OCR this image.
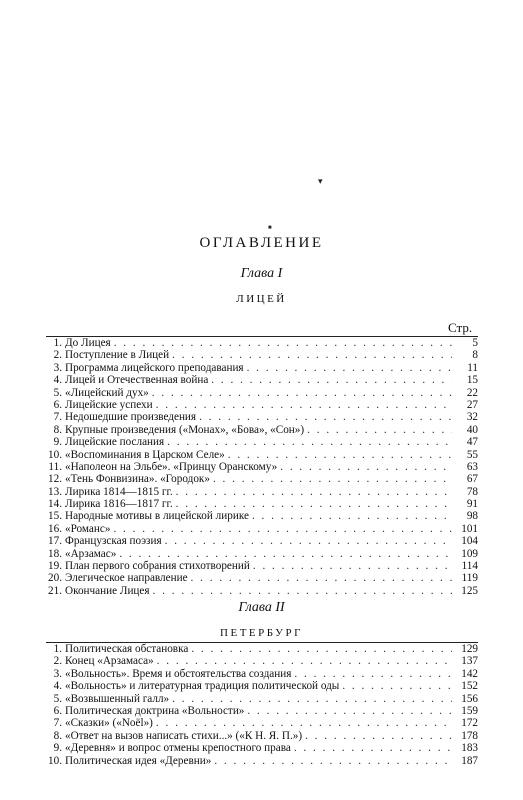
▾
■
ОГЛАВЛЕНИЕ
Глава I
ЛИЦЕЙ
Стр.
1. До Лицея . . .	5
2. Поступление в Лицей . . .	8
3. Программа лицейского преподавания . . .	11
4. Лицей и Отечественная война . . .	15
5. «Лицейский дух» . . .	22
6. Лицейские успехи . . .	27
7. Недошедшие произведения . . .	32
8. Крупные произведения («Монах», «Бова», «Сон») . . .	40
9. Лицейские послания . . .	47
10. «Воспоминания в Царском Селе» . . .	55
11. «Наполеон на Эльбе». «Принцу Оранскому» . . .	63
12. «Тень Фонвизина». «Городок» . . .	67
13. Лирика 1814—1815 гг. . . .	78
14. Лирика 1816—1817 гг. . . .	91
15. Народные мотивы в лицейской лирике . . .	98
16. «Романс» . . .	101
17. Французская поэзия . . .	104
18. «Арзамас» . . .	109
19. План первого собрания стихотворений . . .	114
20. Элегическое направление . . .	119
21. Окончание Лицея . . .	125
Глава II
ПЕТЕРБУРГ
1. Политическая обстановка . . .	129
2. Конец «Арзамаса» . . .	137
3. «Вольность». Время и обстоятельства создания . . .	142
4. «Вольность» и литературная традиция политической оды . . .	152
5. «Возвышенный галл» . . .	156
6. Политическая доктрина «Вольности» . . .	159
7. «Сказки» («Noël») . . .	172
8. «Ответ на вызов написать стихи...» («К Н. Я. П.») . . .	178
9. «Деревня» и вопрос отмены крепостного права . . .	183
10. Политическая идея «Деревни» . . .	187
